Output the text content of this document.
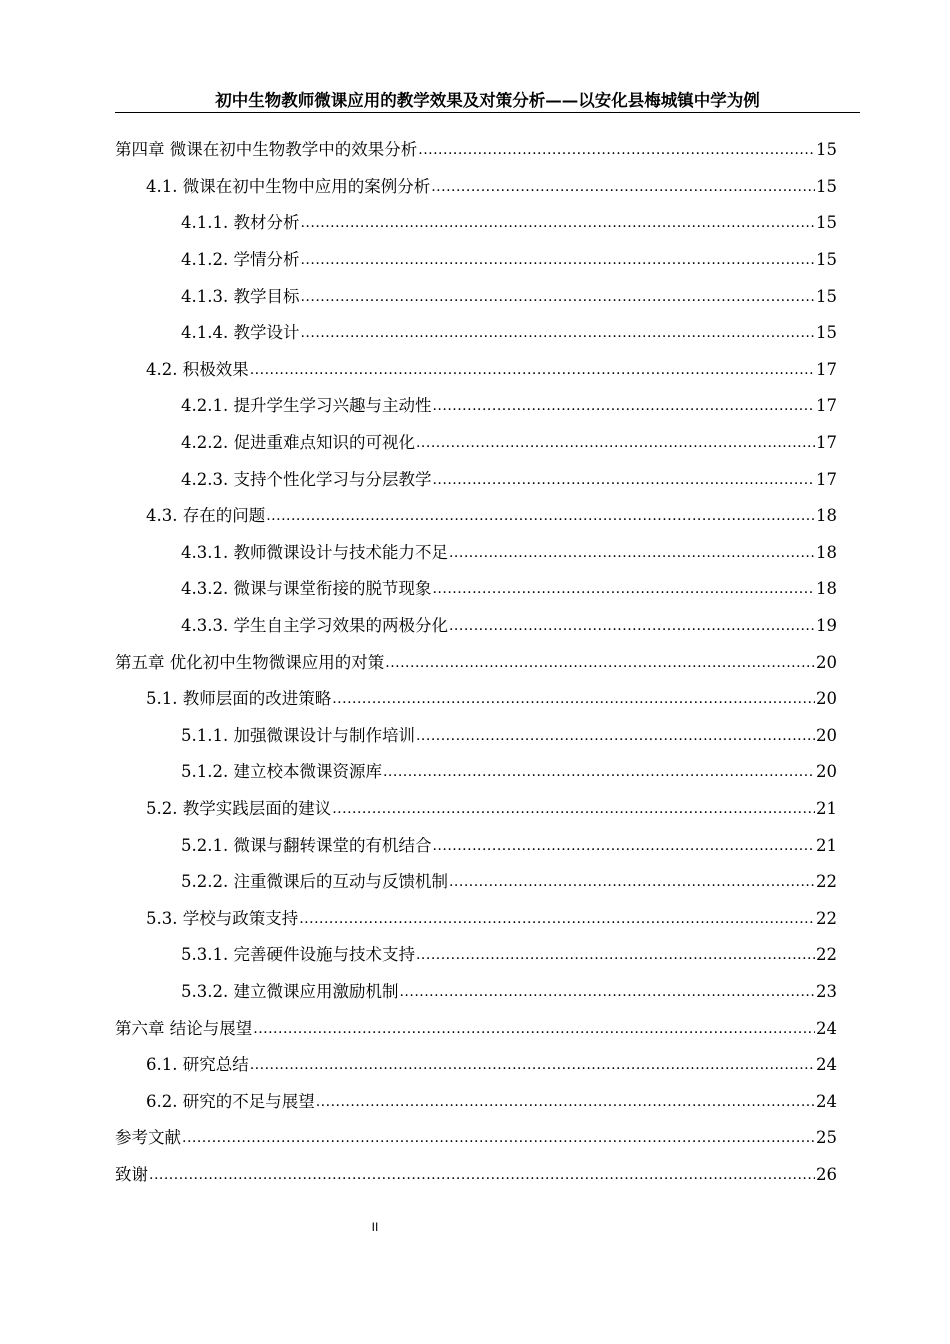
初中生物教师微课应用的教学效果及对策分析——以安化县梅城镇中学为例
第四章 微课在初中生物教学中的效果分析 .....	15
4.1. 微课在初中生物中应用的案例分析 .....	15
4.1.1. 教材分析 .....	15
4.1.2. 学情分析 .....	15
4.1.3. 教学目标 .....	15
4.1.4. 教学设计 .....	15
4.2. 积极效果 .....	17
4.2.1. 提升学生学习兴趣与主动性 .....	17
4.2.2. 促进重难点知识的可视化 .....	17
4.2.3. 支持个性化学习与分层教学 .....	17
4.3. 存在的问题 .....	18
4.3.1. 教师微课设计与技术能力不足 .....	18
4.3.2. 微课与课堂衔接的脱节现象 .....	18
4.3.3. 学生自主学习效果的两极分化 .....	19
第五章 优化初中生物微课应用的对策 .....	20
5.1. 教师层面的改进策略 .....	20
5.1.1. 加强微课设计与制作培训 .....	20
5.1.2. 建立校本微课资源库 .....	20
5.2. 教学实践层面的建议 .....	21
5.2.1. 微课与翻转课堂的有机结合 .....	21
5.2.2. 注重微课后的互动与反馈机制 .....	22
5.3. 学校与政策支持 .....	22
5.3.1. 完善硬件设施与技术支持 .....	22
5.3.2. 建立微课应用激励机制 .....	23
第六章 结论与展望 .....	24
6.1. 研究总结 .....	24
6.2. 研究的不足与展望 .....	24
参考文献 .....	25
致谢 .....	26
II
